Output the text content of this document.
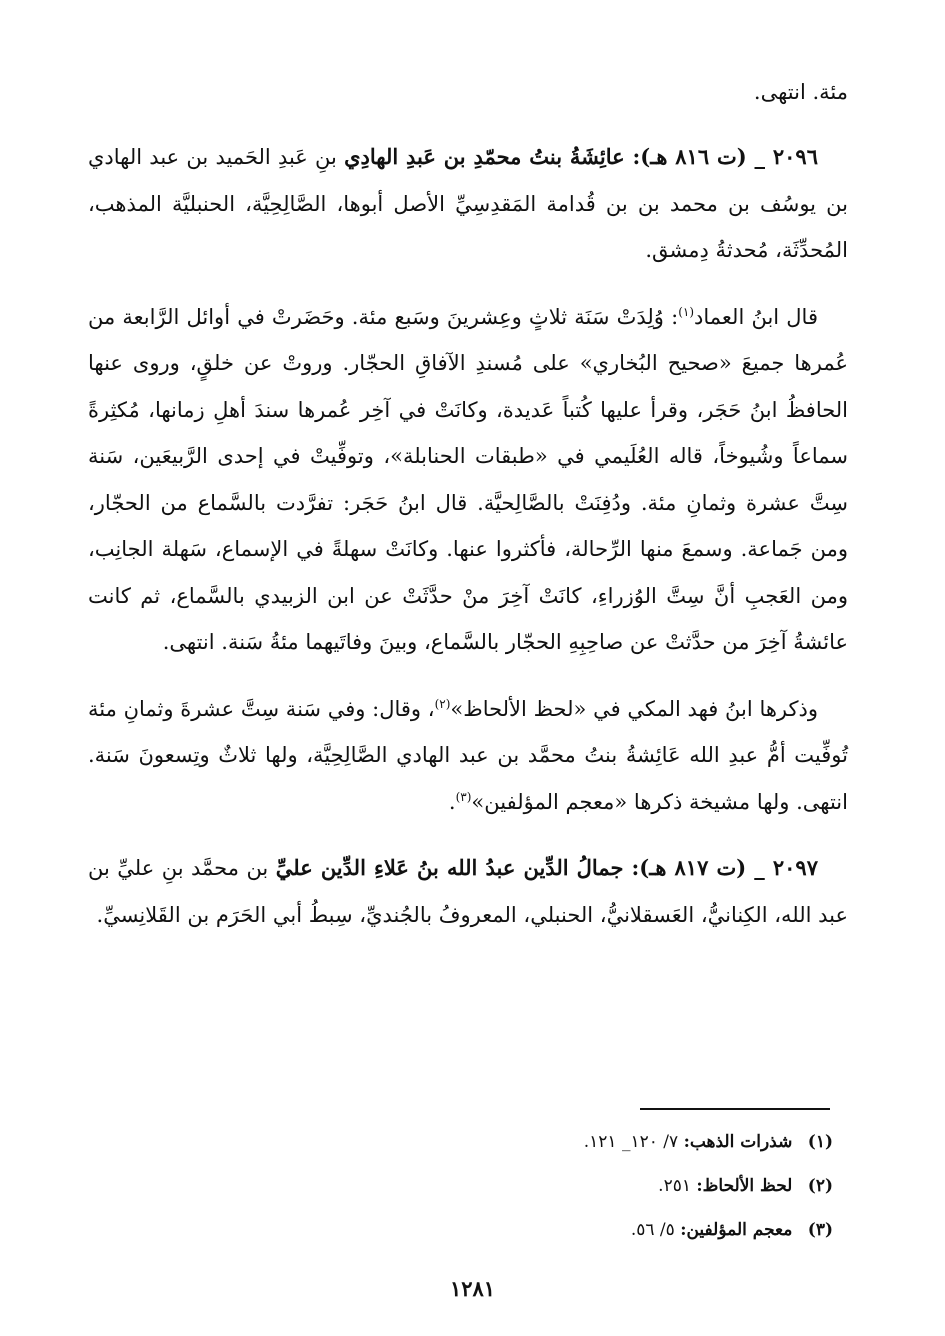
مئة. انتهى.

٢٠٩٦ _ (ت ٨١٦ هـ): عائِشَةُ بنتُ محمّدِ بن عَبدِ الهادِي بنِ عَبدِ الحَميد بن عبد الهادي بن يوسُف بن محمد بن بن قُدامة المَقدِسِيِّ الأصل أبوها، الصَّالِحِيَّة، الحنبليَّة المذهب، المُحدِّثَة، مُحدثةُ دِمشق.

قال ابنُ العماد$^{(١)}$: وُلِدَتْ سَنَة ثلاثٍ وعِشرينَ وسَبع مئة. وحَضَرتْ في أوائل الرَّابعة من عُمرها جميعَ «صحيح البُخاري» على مُسندِ الآفاقِ الحجّار. وروتْ عن خلقٍ، وروى عنها الحافظُ ابنُ حَجَر، وقرأ عليها كُتباً عَديدة، وكانَتْ في آخِر عُمرها سندَ أهلِ زمانها، مُكثِرةً سماعاً وشُيوخاً، قاله العُلَيمي في «طبقات الحنابلة»، وتوفِّيتْ في إحدى الرَّبيعَين، سَنة سِتَّ عشرة وثمانِ مئة. ودُفِنَتْ بالصَّالِحيَّة. قال ابنُ حَجَر: تفرَّدت بالسَّماع من الحجّار، ومن جَماعة. وسمعَ منها الرِّحالة، فأكثروا عنها. وكانَتْ سهلةً في الإسماع، سَهلة الجانِب، ومن العَجبِ أنَّ سِتَّ الوُزراءِ، كانَتْ آخِرَ منْ حدَّثَتْ عن ابن الزبيدي بالسَّماع، ثم كانت عائشةُ آخِرَ من حدَّثتْ عن صاحِبِهِ الحجّار بالسَّماع، وبينَ وفاتَيهما مئةُ سَنة. انتهى.

وذكرها ابنُ فهد المكي في «لحظ الألحاظ»$^{(٢)}$، وقال: وفي سَنة سِتَّ عشرةَ وثمانِ مئة تُوفِّيت أمُّ عبدِ الله عَائِشةُ بنتُ محمَّد بن عبد الهادي الصَّالِحِيَّة، ولها ثلاثٌ وتِسعونَ سَنة. انتهى. ولها مشيخة ذكرها «معجم المؤلفين»$^{(٣)}$.

٢٠٩٧ _ (ت ٨١٧ هـ): جمالُ الدِّين عبدُ الله بنُ عَلاءِ الدِّين عليِّ بن محمَّد بنِ عليِّ بن عبد الله، الكِنانيُّ، العَسقلانيُّ، الحنبلي، المعروفُ بالجُنديِّ، سِبطُ أبي الحَرَم بن القَلانِسيِّ.

(١) شذرات الذهب: ٧/ ١٢٠_ ١٢١.

(٢) لحظ الألحاظ: ٢٥١.

(٣) معجم المؤلفين: ٥/ ٥٦.

١٢٨١
